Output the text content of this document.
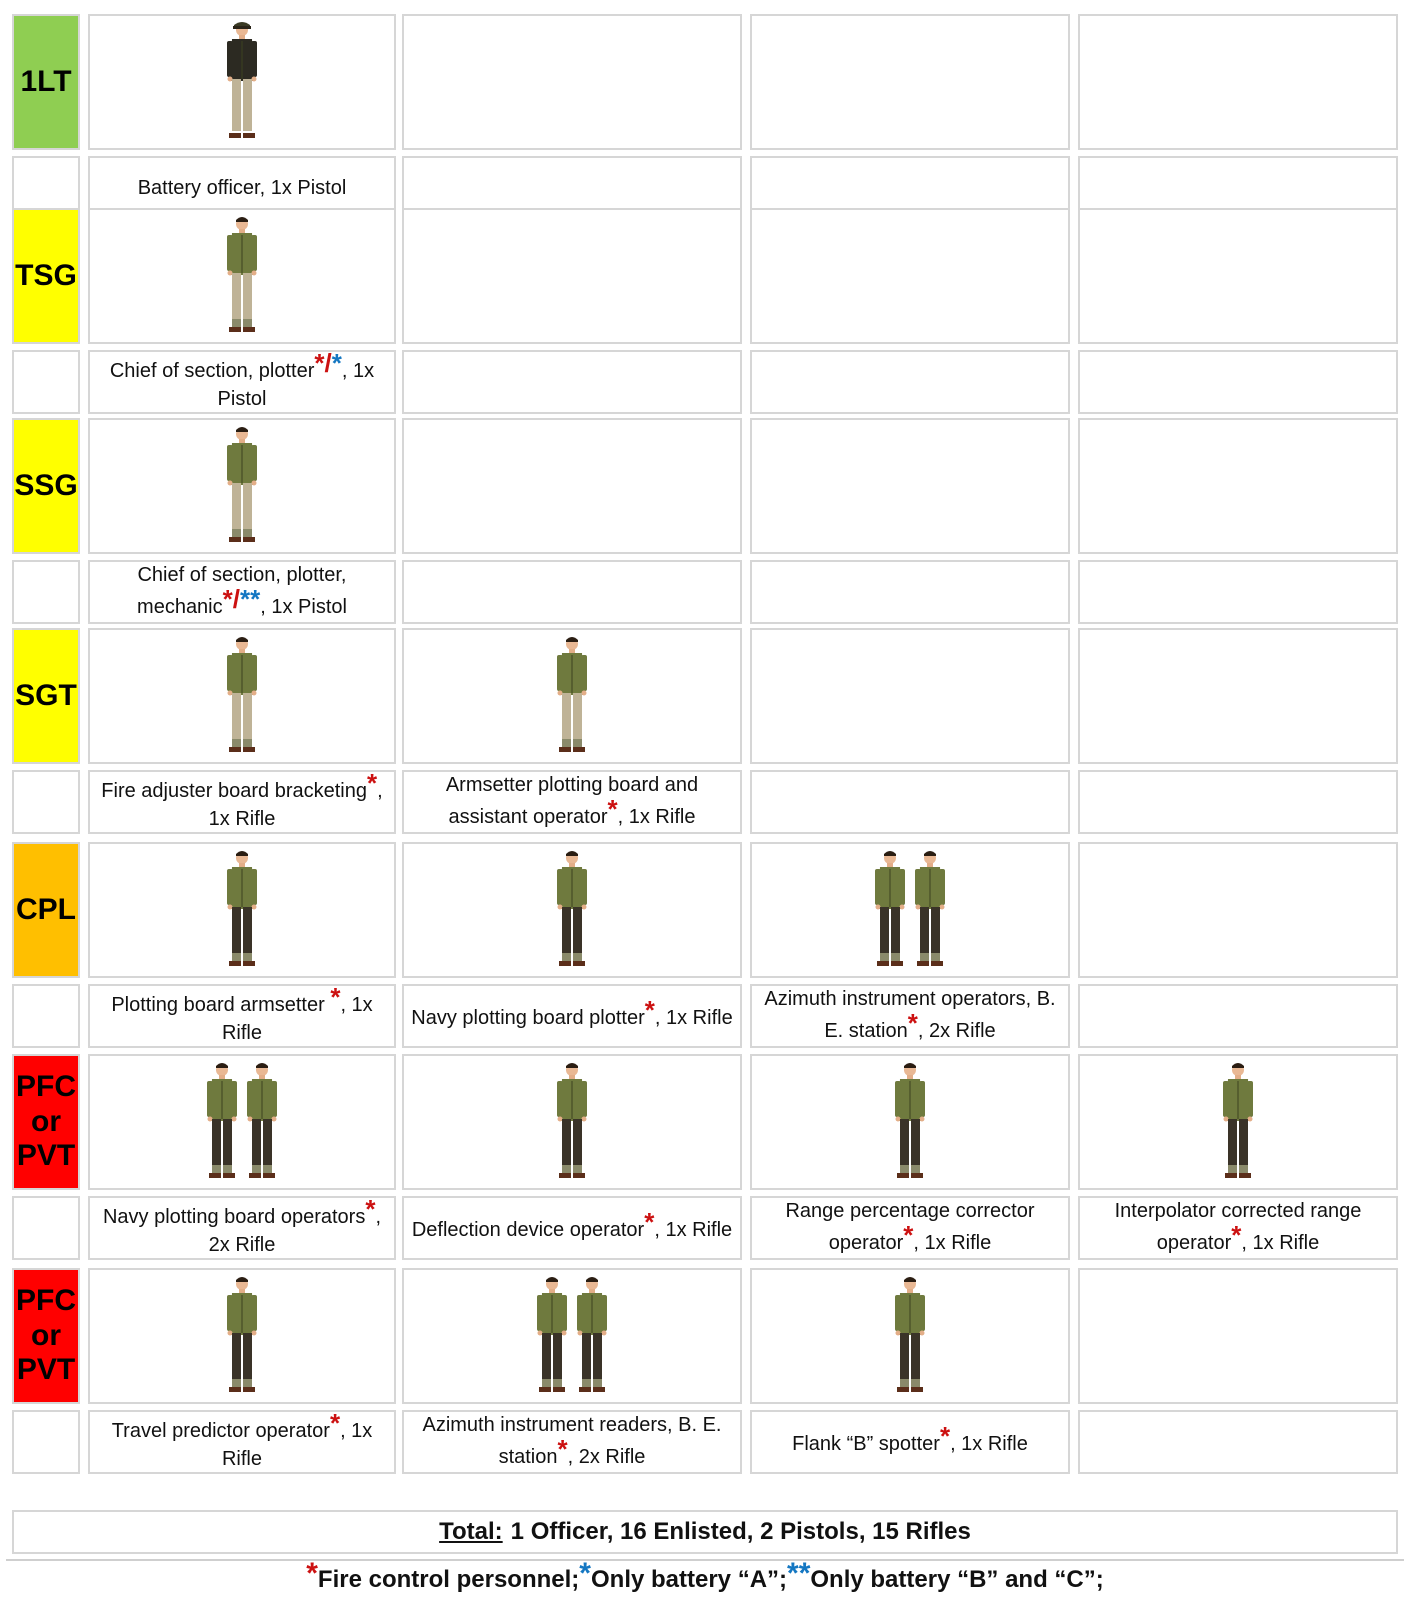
1LT
Battery officer, 1x Pistol
TSG
Chief of section, plotter*/*, 1x Pistol
SSG
Chief of section, plotter, mechanic*/**, 1x Pistol
SGT
Fire adjuster board bracketing*, 1x Rifle
Armsetter plotting board and assistant operator*, 1x Rifle
CPL
Plotting board armsetter *, 1x Rifle
Navy plotting board plotter*, 1x Rifle
Azimuth instrument operators, B. E. station*, 2x Rifle
PFC
or
PVT
Navy plotting board operators*, 2x Rifle
Deflection device operator*, 1x Rifle
Range percentage corrector operator*, 1x Rifle
Interpolator corrected range operator*, 1x Rifle
PFC
or
PVT
Travel predictor operator*, 1x Rifle
Azimuth instrument readers, B. E. station*, 2x Rifle
Flank “B” spotter*, 1x Rifle
Total: 1 Officer, 16 Enlisted, 2 Pistols, 15 Rifles
* Fire control personnel; * Only battery “A”; ** Only battery “B” and “C”;
